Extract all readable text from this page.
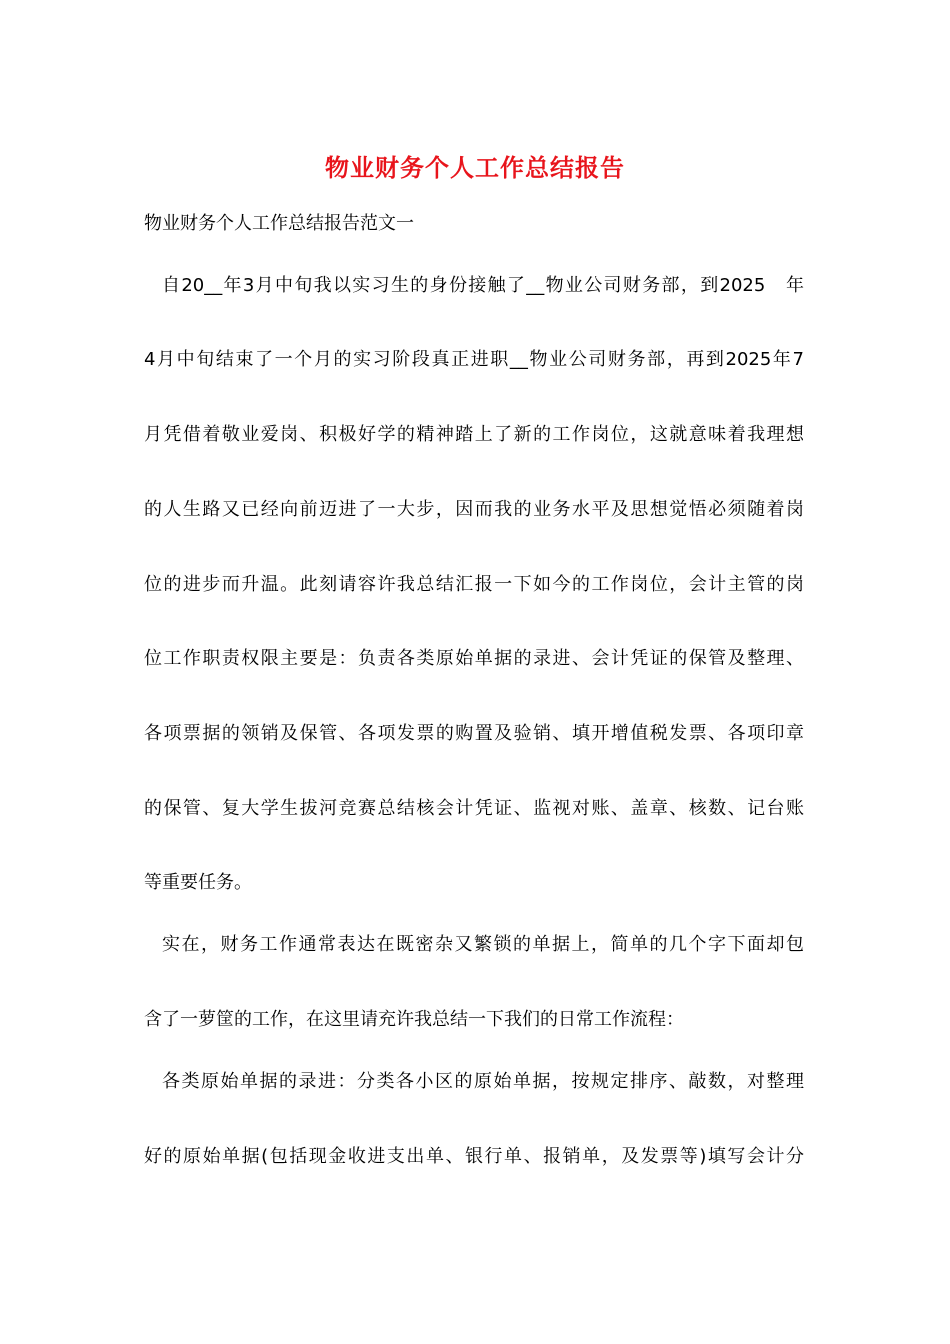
物业财务个人工作总结报告
物业财务个人工作总结报告范文一
自20__年3月中旬我以实习生的身份接触了__物业公司财务部，到2025　年
4月中旬结束了一个月的实习阶段真正进职__物业公司财务部，再到2025年7
月凭借着敬业爱岗、积极好学的精神踏上了新的工作岗位，这就意味着我理想
的人生路又已经向前迈进了一大步，因而我的业务水平及思想觉悟必须随着岗
位的进步而升温。此刻请容许我总结汇报一下如今的工作岗位，会计主管的岗
位工作职责权限主要是：负责各类原始单据的录进、会计凭证的保管及整理、
各项票据的领销及保管、各项发票的购置及验销、填开增值税发票、各项印章
的保管、复大学生拔河竞赛总结核会计凭证、监视对账、盖章、核数、记台账
等重要任务。
实在，财务工作通常表达在既密杂又繁锁的单据上，简单的几个字下面却包
含了一萝筐的工作，在这里请充许我总结一下我们的日常工作流程：
各类原始单据的录进：分类各小区的原始单据，按规定排序、敲数，对整理
好的原始单据(包括现金收进支出单、银行单、报销单，及发票等)填写会计分
